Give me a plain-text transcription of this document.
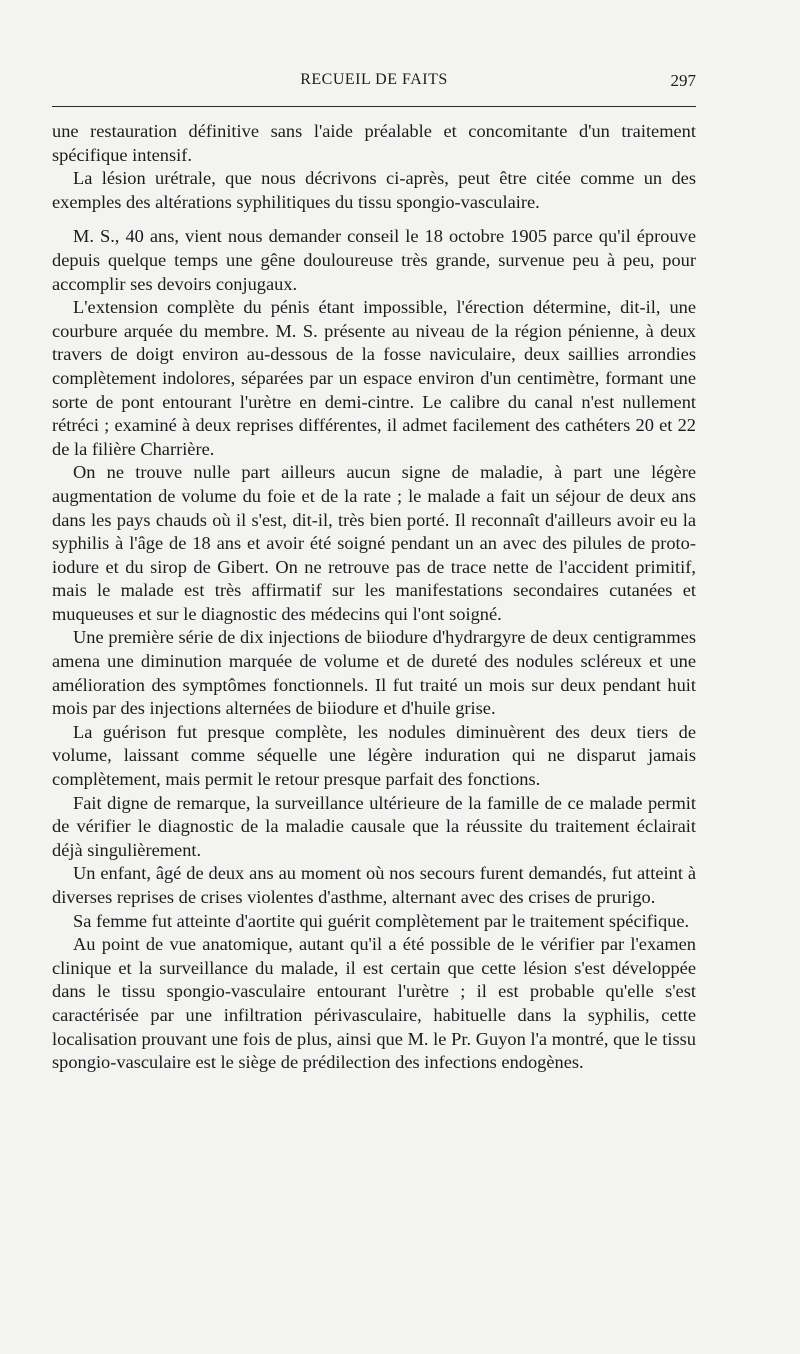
RECUEIL DE FAITS	297

une restauration définitive sans l'aide préalable et concomitante d'un traitement spécifique intensif.

La lésion urétrale, que nous décrivons ci-après, peut être citée comme un des exemples des altérations syphilitiques du tissu spongio-vasculaire.

M. S., 40 ans, vient nous demander conseil le 18 octobre 1905 parce qu'il éprouve depuis quelque temps une gêne douloureuse très grande, survenue peu à peu, pour accomplir ses devoirs conjugaux.

L'extension complète du pénis étant impossible, l'érection détermine, dit-il, une courbure arquée du membre. M. S. présente au niveau de la région pénienne, à deux travers de doigt environ au-dessous de la fosse naviculaire, deux saillies arrondies complètement indolores, séparées par un espace environ d'un centimètre, formant une sorte de pont entourant l'urètre en demi-cintre. Le calibre du canal n'est nullement rétréci ; examiné à deux reprises différentes, il admet facilement des cathéters 20 et 22 de la filière Charrière.

On ne trouve nulle part ailleurs aucun signe de maladie, à part une légère augmentation de volume du foie et de la rate ; le malade a fait un séjour de deux ans dans les pays chauds où il s'est, dit-il, très bien porté. Il reconnaît d'ailleurs avoir eu la syphilis à l'âge de 18 ans et avoir été soigné pendant un an avec des pilules de proto-iodure et du sirop de Gibert. On ne retrouve pas de trace nette de l'accident primitif, mais le malade est très affirmatif sur les manifestations secondaires cutanées et muqueuses et sur le diagnostic des médecins qui l'ont soigné.

Une première série de dix injections de biiodure d'hydrargyre de deux centigrammes amena une diminution marquée de volume et de dureté des nodules scléreux et une amélioration des symptômes fonctionnels. Il fut traité un mois sur deux pendant huit mois par des injections alternées de biiodure et d'huile grise.

La guérison fut presque complète, les nodules diminuèrent des deux tiers de volume, laissant comme séquelle une légère induration qui ne disparut jamais complètement, mais permit le retour presque parfait des fonctions.

Fait digne de remarque, la surveillance ultérieure de la famille de ce malade permit de vérifier le diagnostic de la maladie causale que la réussite du traitement éclairait déjà singulièrement.

Un enfant, âgé de deux ans au moment où nos secours furent demandés, fut atteint à diverses reprises de crises violentes d'asthme, alternant avec des crises de prurigo.

Sa femme fut atteinte d'aortite qui guérit complètement par le traitement spécifique.

Au point de vue anatomique, autant qu'il a été possible de le vérifier par l'examen clinique et la surveillance du malade, il est certain que cette lésion s'est développée dans le tissu spongio-vasculaire entourant l'urètre ; il est probable qu'elle s'est caractérisée par une infiltration périvasculaire, habituelle dans la syphilis, cette localisation prouvant une fois de plus, ainsi que M. le Pr. Guyon l'a montré, que le tissu spongio-vasculaire est le siège de prédilection des infections endogènes.
